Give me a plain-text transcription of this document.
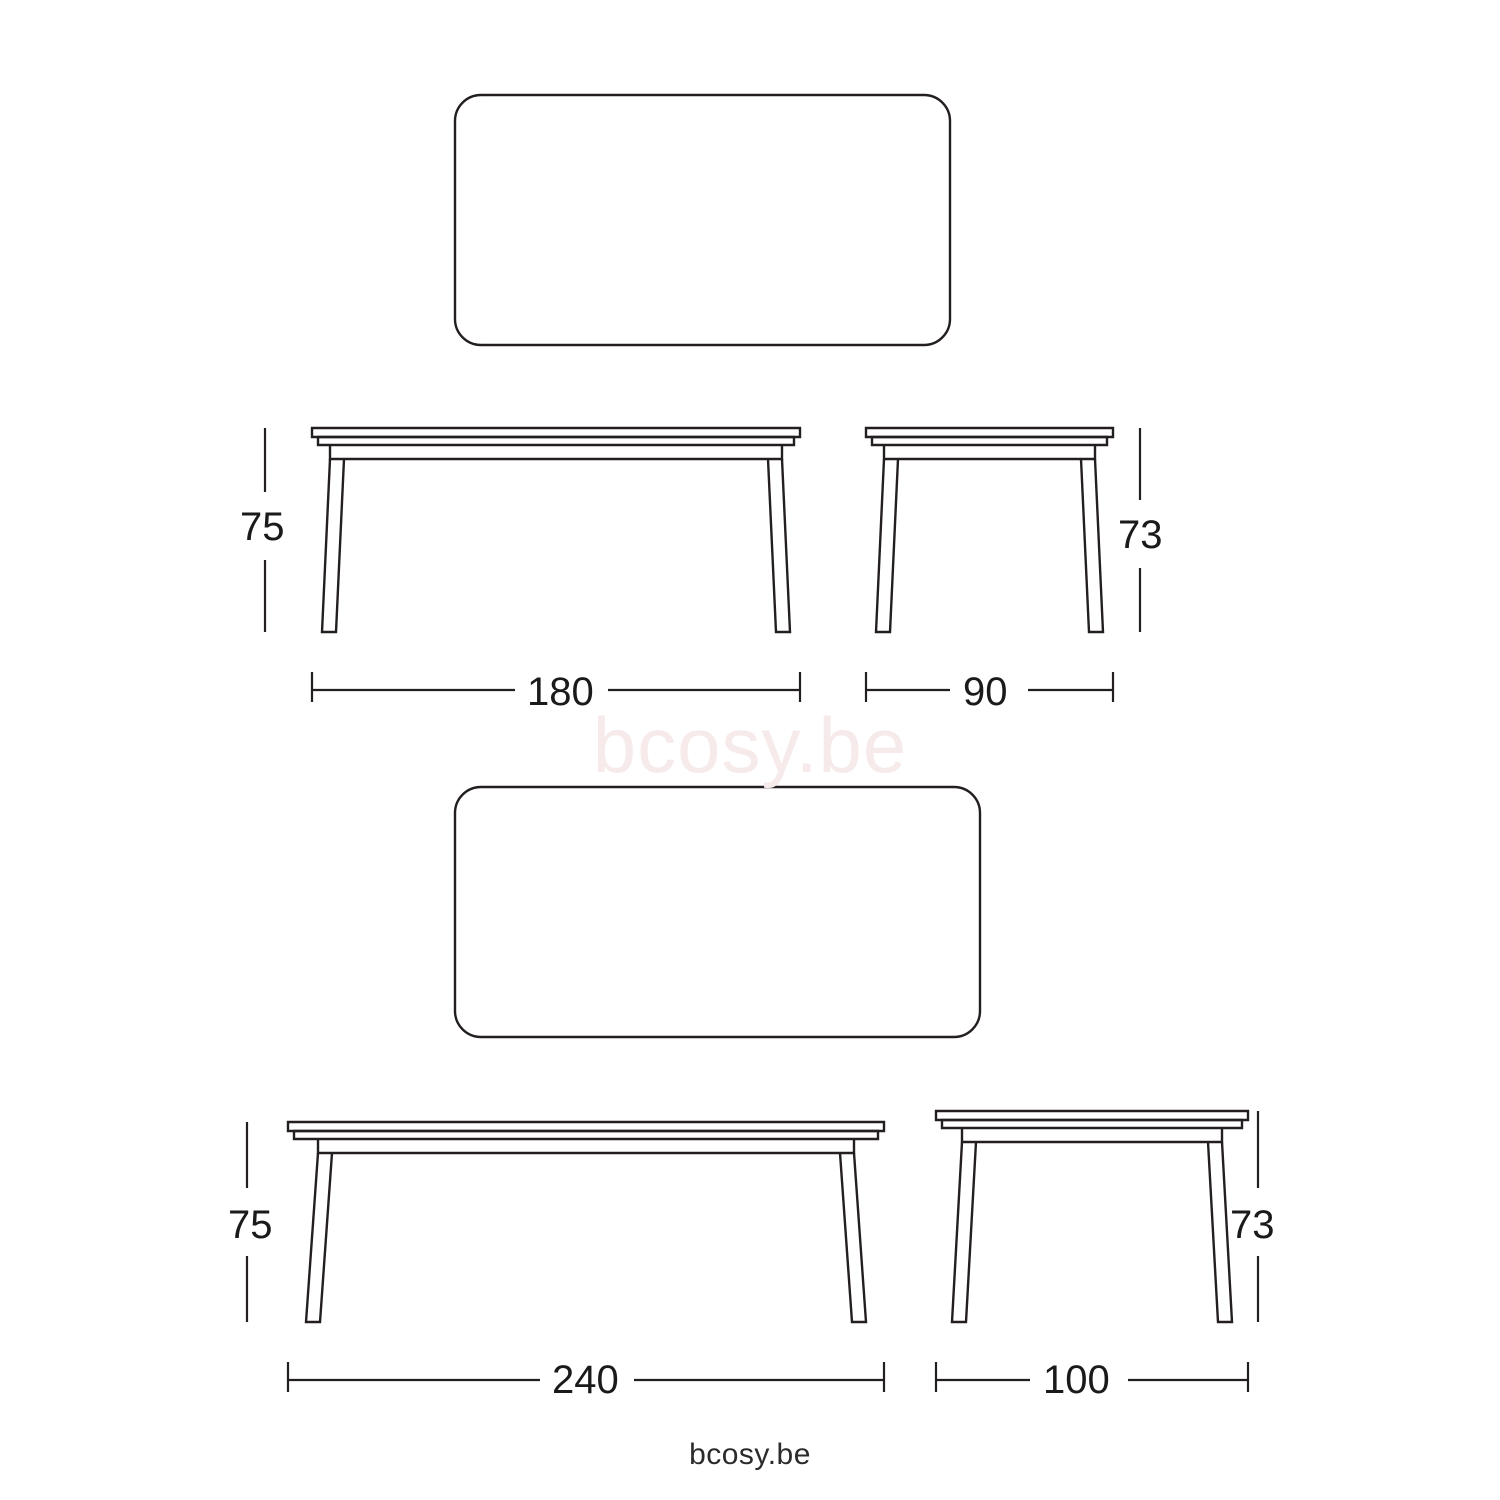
75	73
180	90
75	73
240	100
bcosy.be
bcosy.be
